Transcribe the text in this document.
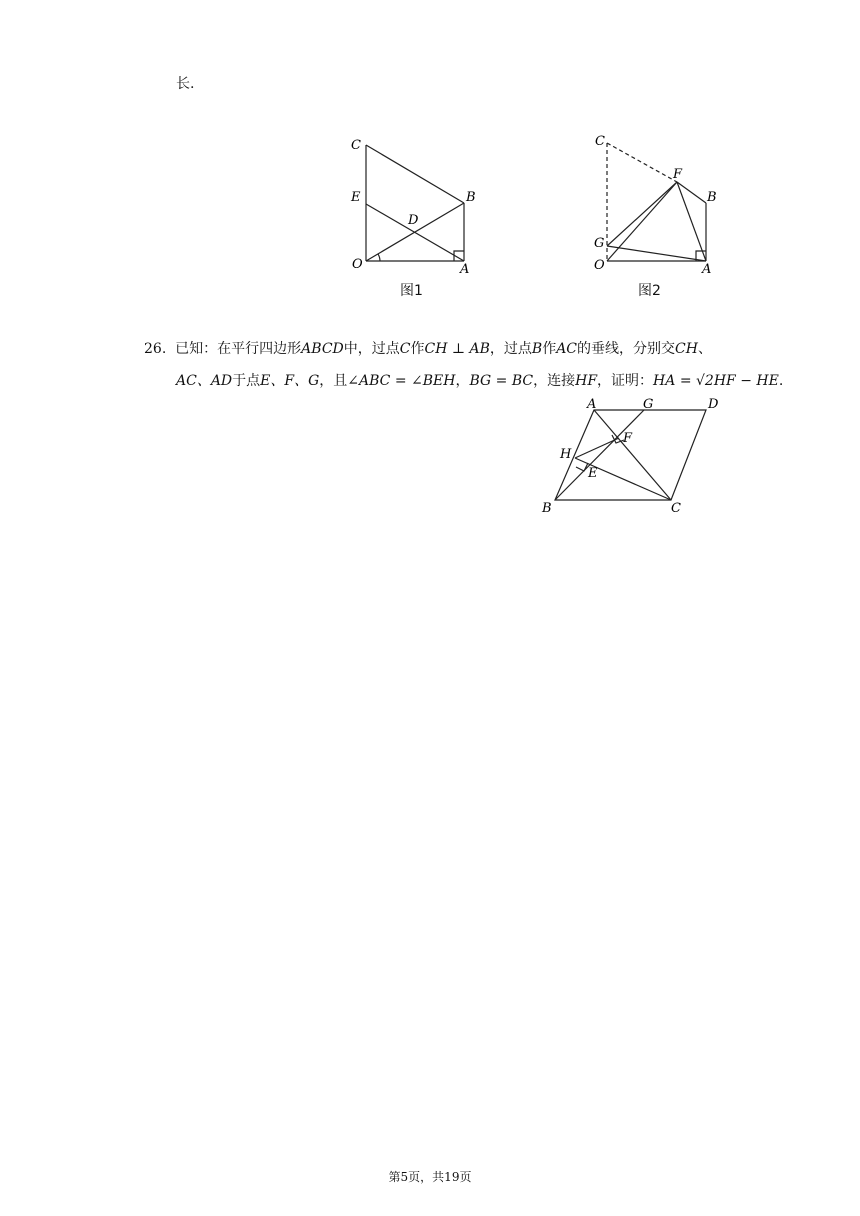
长.
C
E	B
D
O	A
图1
C
F
B
G
O	A
图2
26. 已知：在平行四边形ABCD中，过点C作CH ⊥ AB，过点B作AC的垂线，分别交CH、
AC、AD于点E、F、G，且∠ABC = ∠BEH，BG = BC，连接HF，证明：HA = √2HF − HE.
A	G	D
F
H
E
B	C
第5页，共19页
